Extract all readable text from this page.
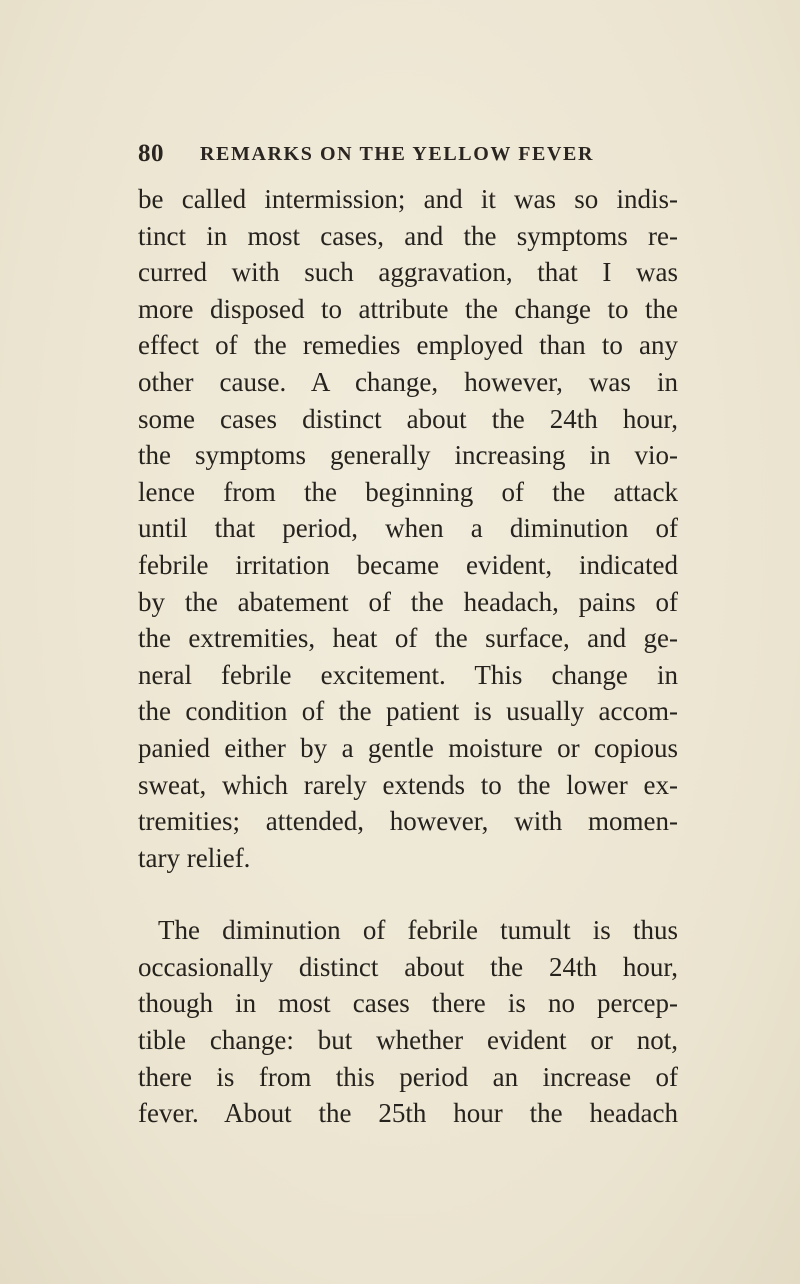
80 REMARKS ON THE YELLOW FEVER
be called intermission; and it was so indis-
tinct in most cases, and the symptoms re-
curred with such aggravation, that I was
more disposed to attribute the change to the
effect of the remedies employed than to any
other cause. A change, however, was in
some cases distinct about the 24th hour,
the symptoms generally increasing in vio-
lence from the beginning of the attack
until that period, when a diminution of
febrile irritation became evident, indicated
by the abatement of the headach, pains of
the extremities, heat of the surface, and ge-
neral febrile excitement. This change in
the condition of the patient is usually accom-
panied either by a gentle moisture or copious
sweat, which rarely extends to the lower ex-
tremities; attended, however, with momen-
tary relief.
The diminution of febrile tumult is thus
occasionally distinct about the 24th hour,
though in most cases there is no percep-
tible change: but whether evident or not,
there is from this period an increase of
fever. About the 25th hour the headach
